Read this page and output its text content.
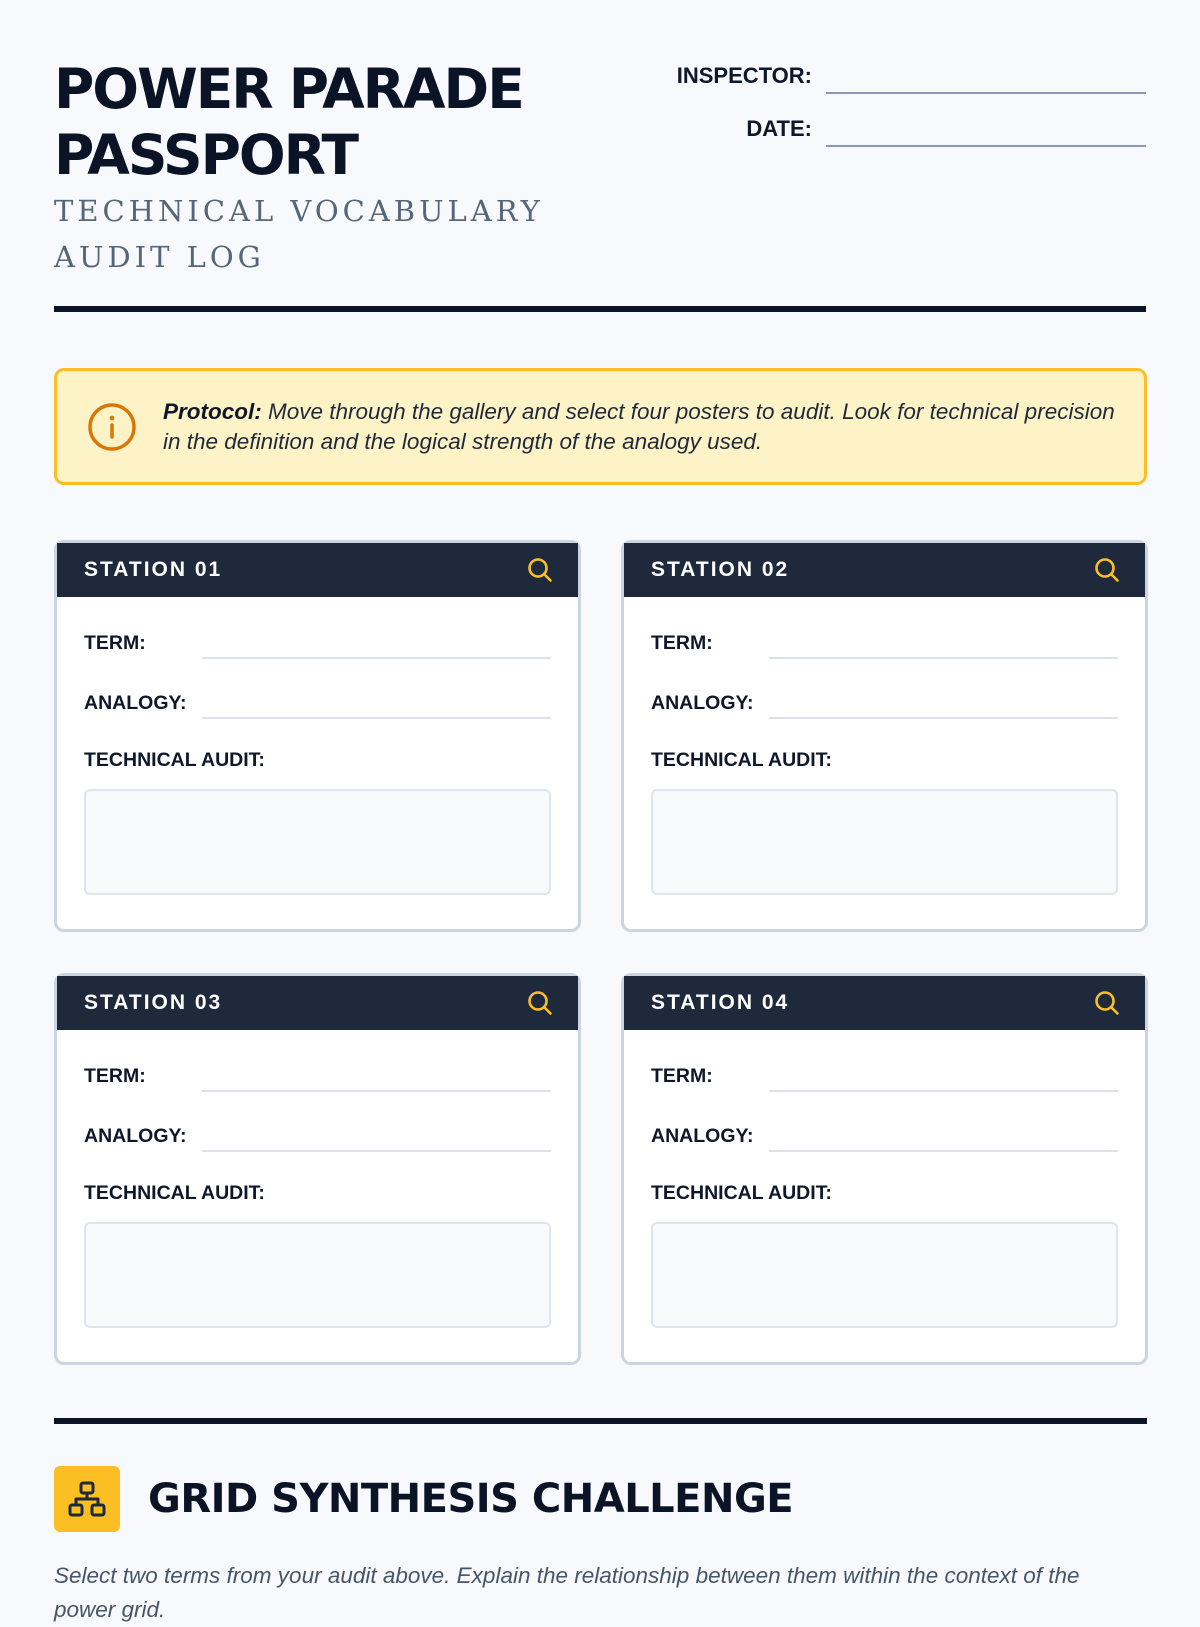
POWER PARADE PASSPORT
TECHNICAL VOCABULARY AUDIT LOG
INSPECTOR:
DATE:
Protocol: Move through the gallery and select four posters to audit. Look for technical precision in the definition and the logical strength of the analogy used.
STATION 01
TERM:
ANALOGY:
TECHNICAL AUDIT:
STATION 02
TERM:
ANALOGY:
TECHNICAL AUDIT:
STATION 03
TERM:
ANALOGY:
TECHNICAL AUDIT:
STATION 04
TERM:
ANALOGY:
TECHNICAL AUDIT:
GRID SYNTHESIS CHALLENGE
Select two terms from your audit above. Explain the relationship between them within the context of the power grid.
